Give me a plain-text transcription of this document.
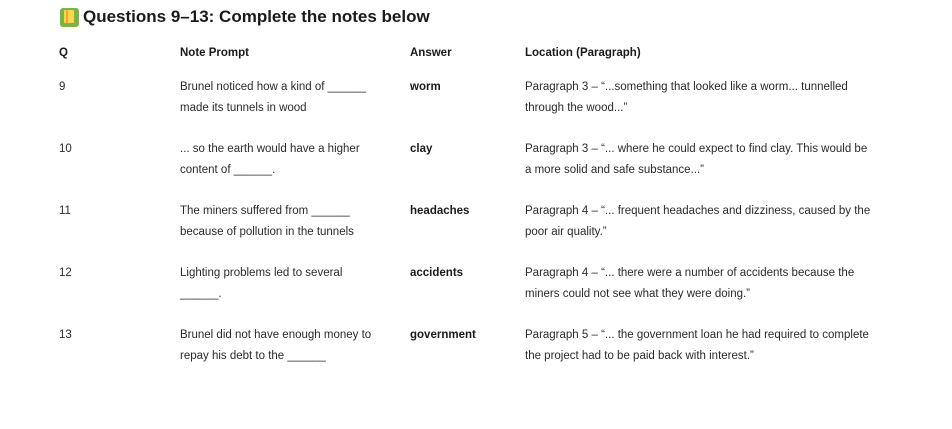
Questions 9–13: Complete the notes below
Q	Note Prompt	Answer	Location (Paragraph)
9	Brunel noticed how a kind of ______ made its tunnels in wood	worm	Paragraph 3 – “...something that looked like a worm... tunnelled through the wood...”
10	... so the earth would have a higher content of ______.	clay	Paragraph 3 – “... where he could expect to find clay. This would be a more solid and safe substance...”
11	The miners suffered from ______ because of pollution in the tunnels	headaches	Paragraph 4 – “... frequent headaches and dizziness, caused by the poor air quality.”
12	Lighting problems led to several ______.	accidents	Paragraph 4 – “... there were a number of accidents because the miners could not see what they were doing.”
13	Brunel did not have enough money to repay his debt to the ______	government	Paragraph 5 – “... the government loan he had required to complete the project had to be paid back with interest.”
